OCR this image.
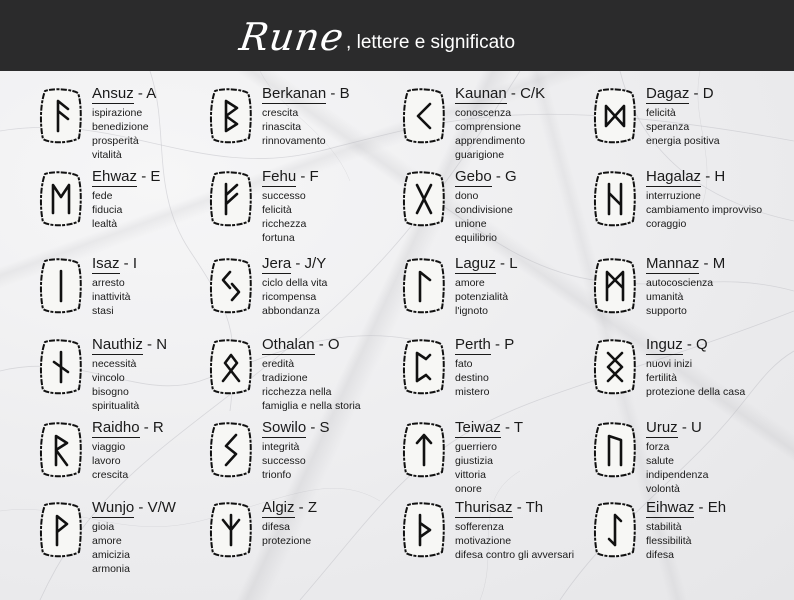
Rune
, lettere e significato
Ansuz - A
ispirazione
benedizione
prosperità
vitalità
Ehwaz - E
fede
fiducia
lealtà
Isaz - I
arresto
inattività
stasi
Nauthiz - N
necessità
vincolo
bisogno
spiritualità
Raidho - R
viaggio
lavoro
crescita
Wunjo - V/W
gioia
amore
amicizia
armonia
Berkanan - B
crescita
rinascita
rinnovamento
Fehu - F
successo
felicità
ricchezza
fortuna
Jera - J/Y
ciclo della vita
ricompensa
abbondanza
Othalan - O
eredità
tradizione
ricchezza nella
famiglia e nella storia
Sowilo - S
integrità
successo
trionfo
Algiz - Z
difesa
protezione
Kaunan - C/K
conoscenza
comprensione
apprendimento
guarigione
Gebo - G
dono
condivisione
unione
equilibrio
Laguz - L
amore
potenzialità
l'ignoto
Perth - P
fato
destino
mistero
Teiwaz - T
guerriero
giustizia
vittoria
onore
Thurisaz - Th
sofferenza
motivazione
difesa contro gli avversari
Dagaz - D
felicità
speranza
energia positiva
Hagalaz - H
interruzione
cambiamento improvviso
coraggio
Mannaz - M
autocoscienza
umanità
supporto
Inguz - Q
nuovi inizi
fertilità
protezione della casa
Uruz - U
forza
salute
indipendenza
volontà
Eihwaz - Eh
stabilità
flessibilità
difesa
